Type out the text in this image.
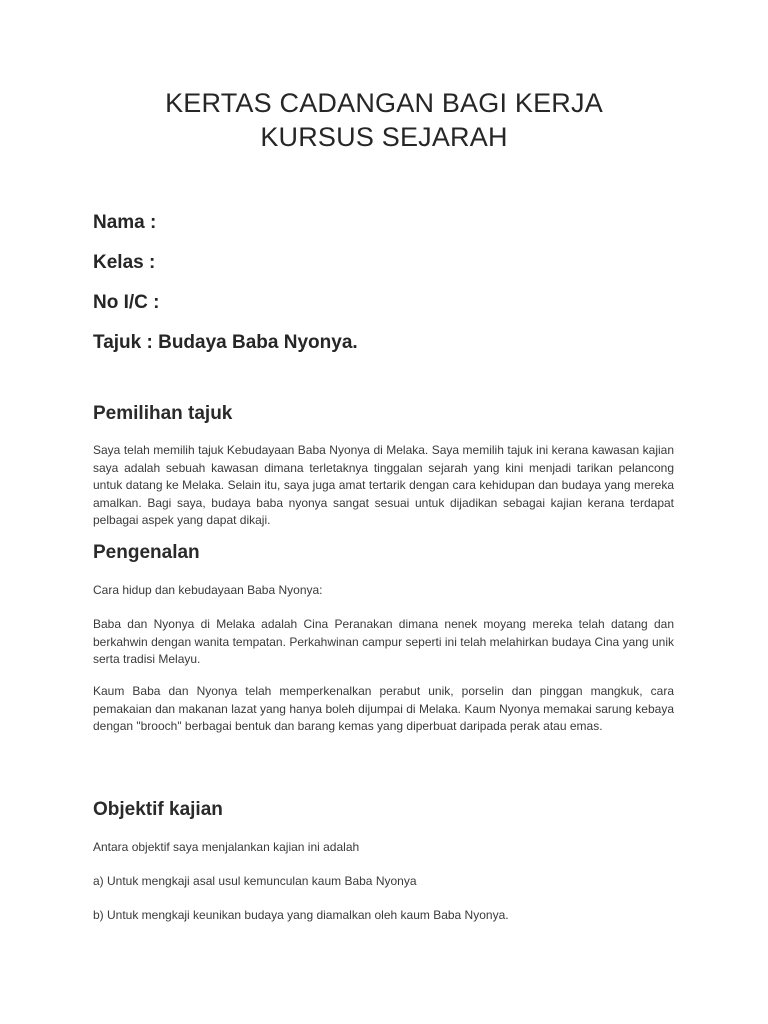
KERTAS CADANGAN BAGI KERJA
KURSUS SEJARAH

Nama :

Kelas :

No I/C :

Tajuk : Budaya Baba Nyonya.

Pemilihan tajuk

Saya telah memilih tajuk Kebudayaan Baba Nyonya di Melaka. Saya memilih tajuk ini kerana kawasan kajian saya adalah sebuah kawasan dimana terletaknya tinggalan sejarah yang kini menjadi tarikan pelancong untuk datang ke Melaka. Selain itu, saya juga amat tertarik dengan cara kehidupan dan budaya yang mereka amalkan. Bagi saya, budaya baba nyonya sangat sesuai untuk dijadikan sebagai kajian kerana terdapat pelbagai aspek yang dapat dikaji.

Pengenalan

Cara hidup dan kebudayaan Baba Nyonya:

Baba dan Nyonya di Melaka adalah Cina Peranakan dimana nenek moyang mereka telah datang dan berkahwin dengan wanita tempatan. Perkahwinan campur seperti ini telah melahirkan budaya Cina yang unik serta tradisi Melayu.

Kaum Baba dan Nyonya telah memperkenalkan perabut unik, porselin dan pinggan mangkuk, cara pemakaian dan makanan lazat yang hanya boleh dijumpai di Melaka. Kaum Nyonya memakai sarung kebaya dengan "brooch" berbagai bentuk dan barang kemas yang diperbuat daripada perak atau emas.

Objektif kajian

Antara objektif saya menjalankan kajian ini adalah

a) Untuk mengkaji asal usul kemunculan kaum Baba Nyonya

b) Untuk mengkaji keunikan budaya yang diamalkan oleh kaum Baba Nyonya.
